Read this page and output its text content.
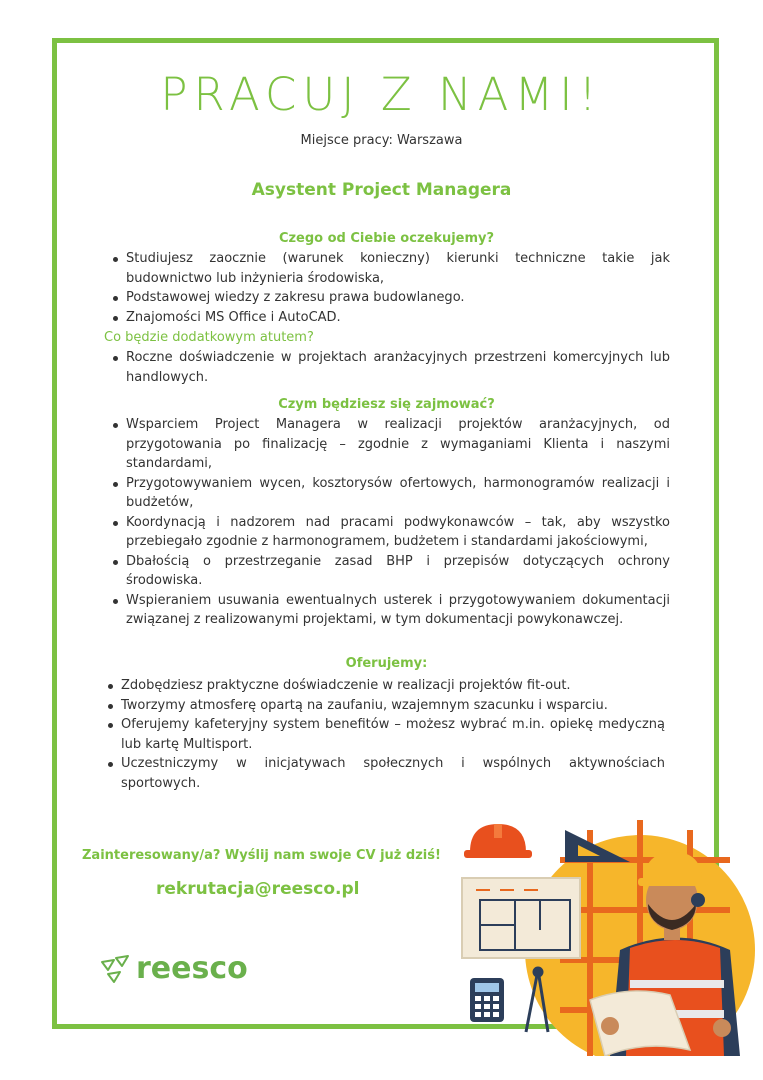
PRACUJ Z NAMI!
Miejsce pracy: Warszawa
Asystent Project Managera
Czego od Ciebie oczekujemy?
Studiujesz zaocznie (warunek konieczny) kierunki techniczne takie jak budownictwo lub inżynieria środowiska,
Podstawowej wiedzy z zakresu prawa budowlanego.
Znajomości MS Office i AutoCAD.
Co będzie dodatkowym atutem?
Roczne doświadczenie w projektach aranżacyjnych przestrzeni komercyjnych lub handlowych.
Czym będziesz się zajmować?
Wsparciem Project Managera w realizacji projektów aranżacyjnych, od przygotowania po finalizację – zgodnie z wymaganiami Klienta i naszymi standardami,
Przygotowywaniem wycen, kosztorysów ofertowych, harmonogramów realizacji i budżetów,
Koordynacją i nadzorem nad pracami podwykonawców – tak, aby wszystko przebiegało zgodnie z harmonogramem, budżetem i standardami jakościowymi,
Dbałością o przestrzeganie zasad BHP i przepisów dotyczących ochrony środowiska.
Wspieraniem usuwania ewentualnych usterek i przygotowywaniem dokumentacji związanej z realizowanymi projektami, w tym dokumentacji powykonawczej.
Oferujemy:
Zdobędziesz praktyczne doświadczenie w realizacji projektów fit-out.
Tworzymy atmosferę opartą na zaufaniu, wzajemnym szacunku i wsparciu.
Oferujemy kafeteryjny system benefitów – możesz wybrać m.in. opiekę medyczną lub kartę Multisport.
Uczestniczymy w inicjatywach społecznych i wspólnych aktywnościach sportowych.
Zainteresowany/a? Wyślij nam swoje CV już dziś!
rekrutacja@reesco.pl
reesco
